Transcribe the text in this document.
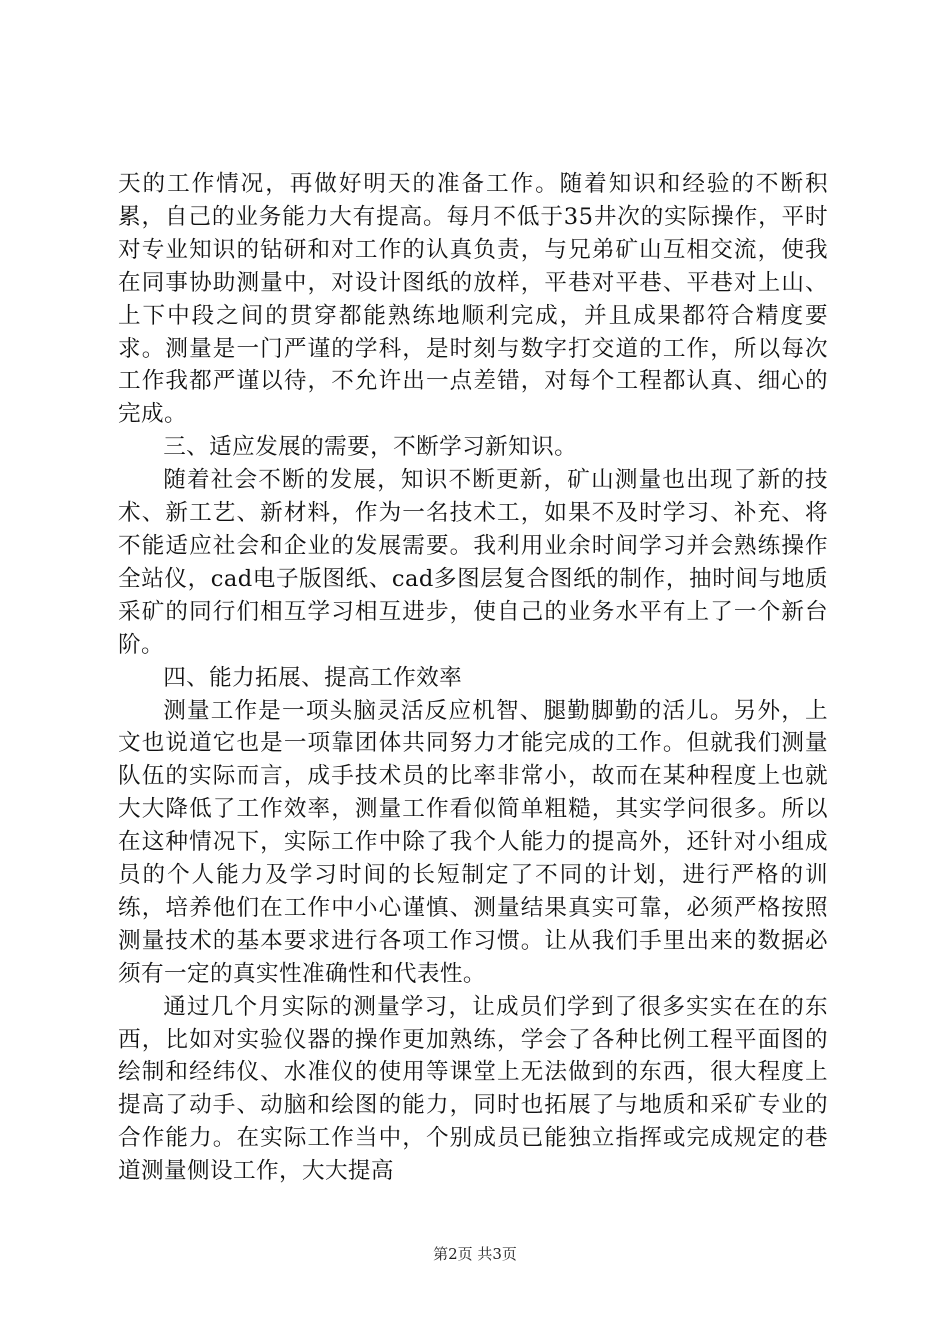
天的工作情况，再做好明天的准备工作。随着知识和经验的不断积累，自己的业务能力大有提高。每月不低于35井次的实际操作，平时对专业知识的钻研和对工作的认真负责，与兄弟矿山互相交流，使我在同事协助测量中，对设计图纸的放样，平巷对平巷、平巷对上山、上下中段之间的贯穿都能熟练地顺利完成，并且成果都符合精度要求。测量是一门严谨的学科，是时刻与数字打交道的工作，所以每次工作我都严谨以待，不允许出一点差错，对每个工程都认真、细心的完成。

三、适应发展的需要，不断学习新知识。

随着社会不断的发展，知识不断更新，矿山测量也出现了新的技术、新工艺、新材料，作为一名技术工，如果不及时学习、补充、将不能适应社会和企业的发展需要。我利用业余时间学习并会熟练操作全站仪，cad电子版图纸、cad多图层复合图纸的制作，抽时间与地质采矿的同行们相互学习相互进步，使自己的业务水平有上了一个新台阶。

四、能力拓展、提高工作效率

测量工作是一项头脑灵活反应机智、腿勤脚勤的活儿。另外，上文也说道它也是一项靠团体共同努力才能完成的工作。但就我们测量队伍的实际而言，成手技术员的比率非常小，故而在某种程度上也就大大降低了工作效率，测量工作看似简单粗糙，其实学问很多。所以在这种情况下，实际工作中除了我个人能力的提高外，还针对小组成员的个人能力及学习时间的长短制定了不同的计划，进行严格的训练，培养他们在工作中小心谨慎、测量结果真实可靠，必须严格按照测量技术的基本要求进行各项工作习惯。让从我们手里出来的数据必须有一定的真实性准确性和代表性。

通过几个月实际的测量学习，让成员们学到了很多实实在在的东西，比如对实验仪器的操作更加熟练，学会了各种比例工程平面图的绘制和经纬仪、水准仪的使用等课堂上无法做到的东西，很大程度上提高了动手、动脑和绘图的能力，同时也拓展了与地质和采矿专业的合作能力。在实际工作当中，个别成员已能独立指挥或完成规定的巷道测量侧设工作，大大提高

第2页 共3页
